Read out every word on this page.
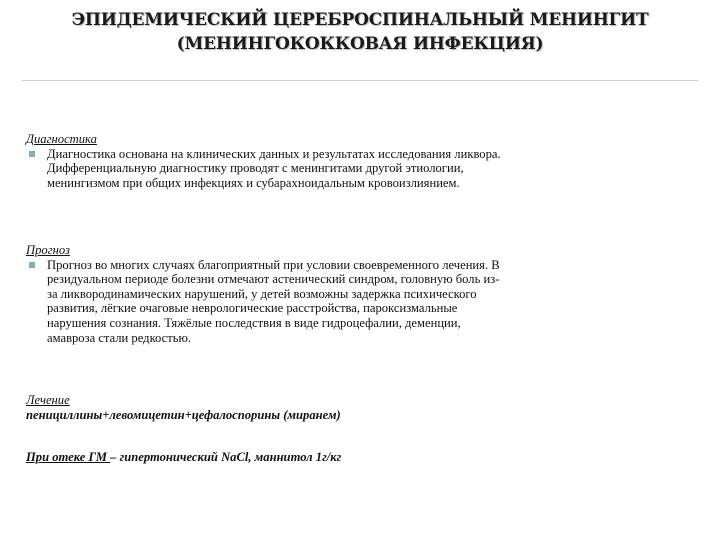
ЭПИДЕМИЧЕСКИЙ ЦЕРЕБРОСПИНАЛЬНЫЙ МЕНИНГИТ
(МЕНИНГОКОККОВАЯ ИНФЕКЦИЯ)
Диагностика
Диагностика основана на клинических данных и результатах исследования ликвора.
Дифференциальную диагностику проводят с менингитами другой этиологии,
менингизмом при общих инфекциях и субарахноидальным кровоизлиянием.
Прогноз
Прогноз во многих случаях благоприятный при условии своевременного лечения. В
резидуальном периоде болезни отмечают астенический синдром, головную боль из-
за ликвородинамических нарушений, у детей возможны задержка психического
развития, лёгкие очаговые неврологические расстройства, пароксизмальные
нарушения сознания. Тяжёлые последствия в виде гидроцефалии, деменции,
амавроза стали редкостью.
Лечение
пенициллины+левомицетин+цефалоспорины (миранем)
При отеке ГМ – гипертонический NaCl, маннитол 1г/кг
